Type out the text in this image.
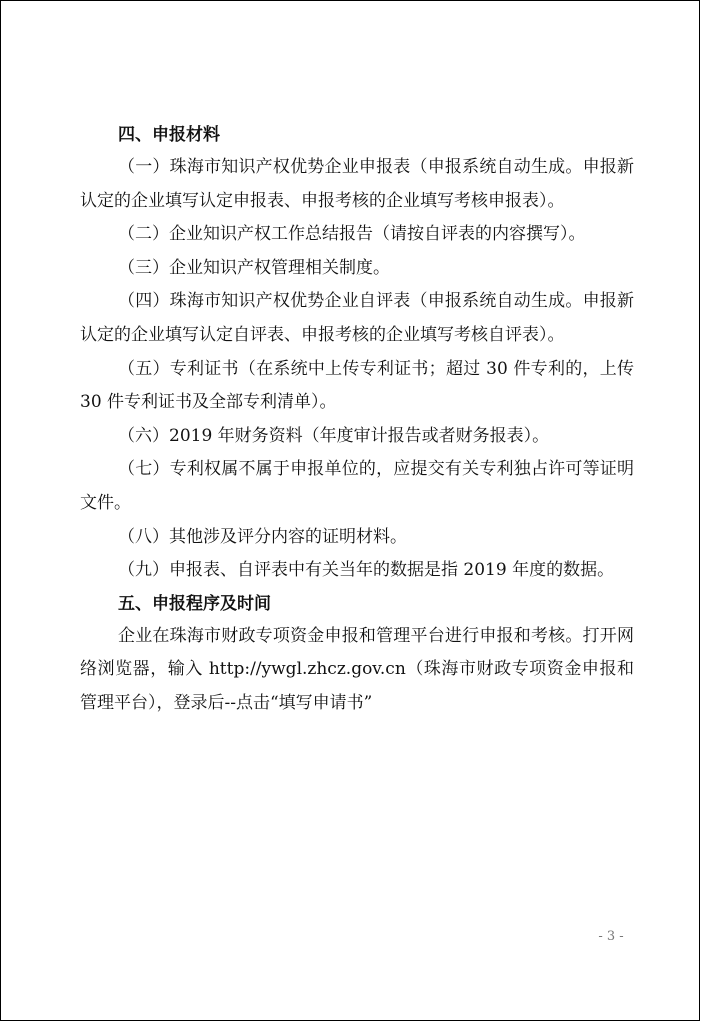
四、申报材料

（一）珠海市知识产权优势企业申报表（申报系统自动生成。申报新认定的企业填写认定申报表、申报考核的企业填写考核申报表）。

（二）企业知识产权工作总结报告（请按自评表的内容撰写）。

（三）企业知识产权管理相关制度。

（四）珠海市知识产权优势企业自评表（申报系统自动生成。申报新认定的企业填写认定自评表、申报考核的企业填写考核自评表）。

（五）专利证书（在系统中上传专利证书；超过 30 件专利的，上传 30 件专利证书及全部专利清单）。

（六）2019 年财务资料（年度审计报告或者财务报表）。

（七）专利权属不属于申报单位的，应提交有关专利独占许可等证明文件。

（八）其他涉及评分内容的证明材料。

（九）申报表、自评表中有关当年的数据是指 2019 年度的数据。

五、申报程序及时间

企业在珠海市财政专项资金申报和管理平台进行申报和考核。打开网络浏览器，输入 http://ywgl.zhcz.gov.cn（珠海市财政专项资金申报和管理平台），登录后--点击“填写申请书”

- 3 -
